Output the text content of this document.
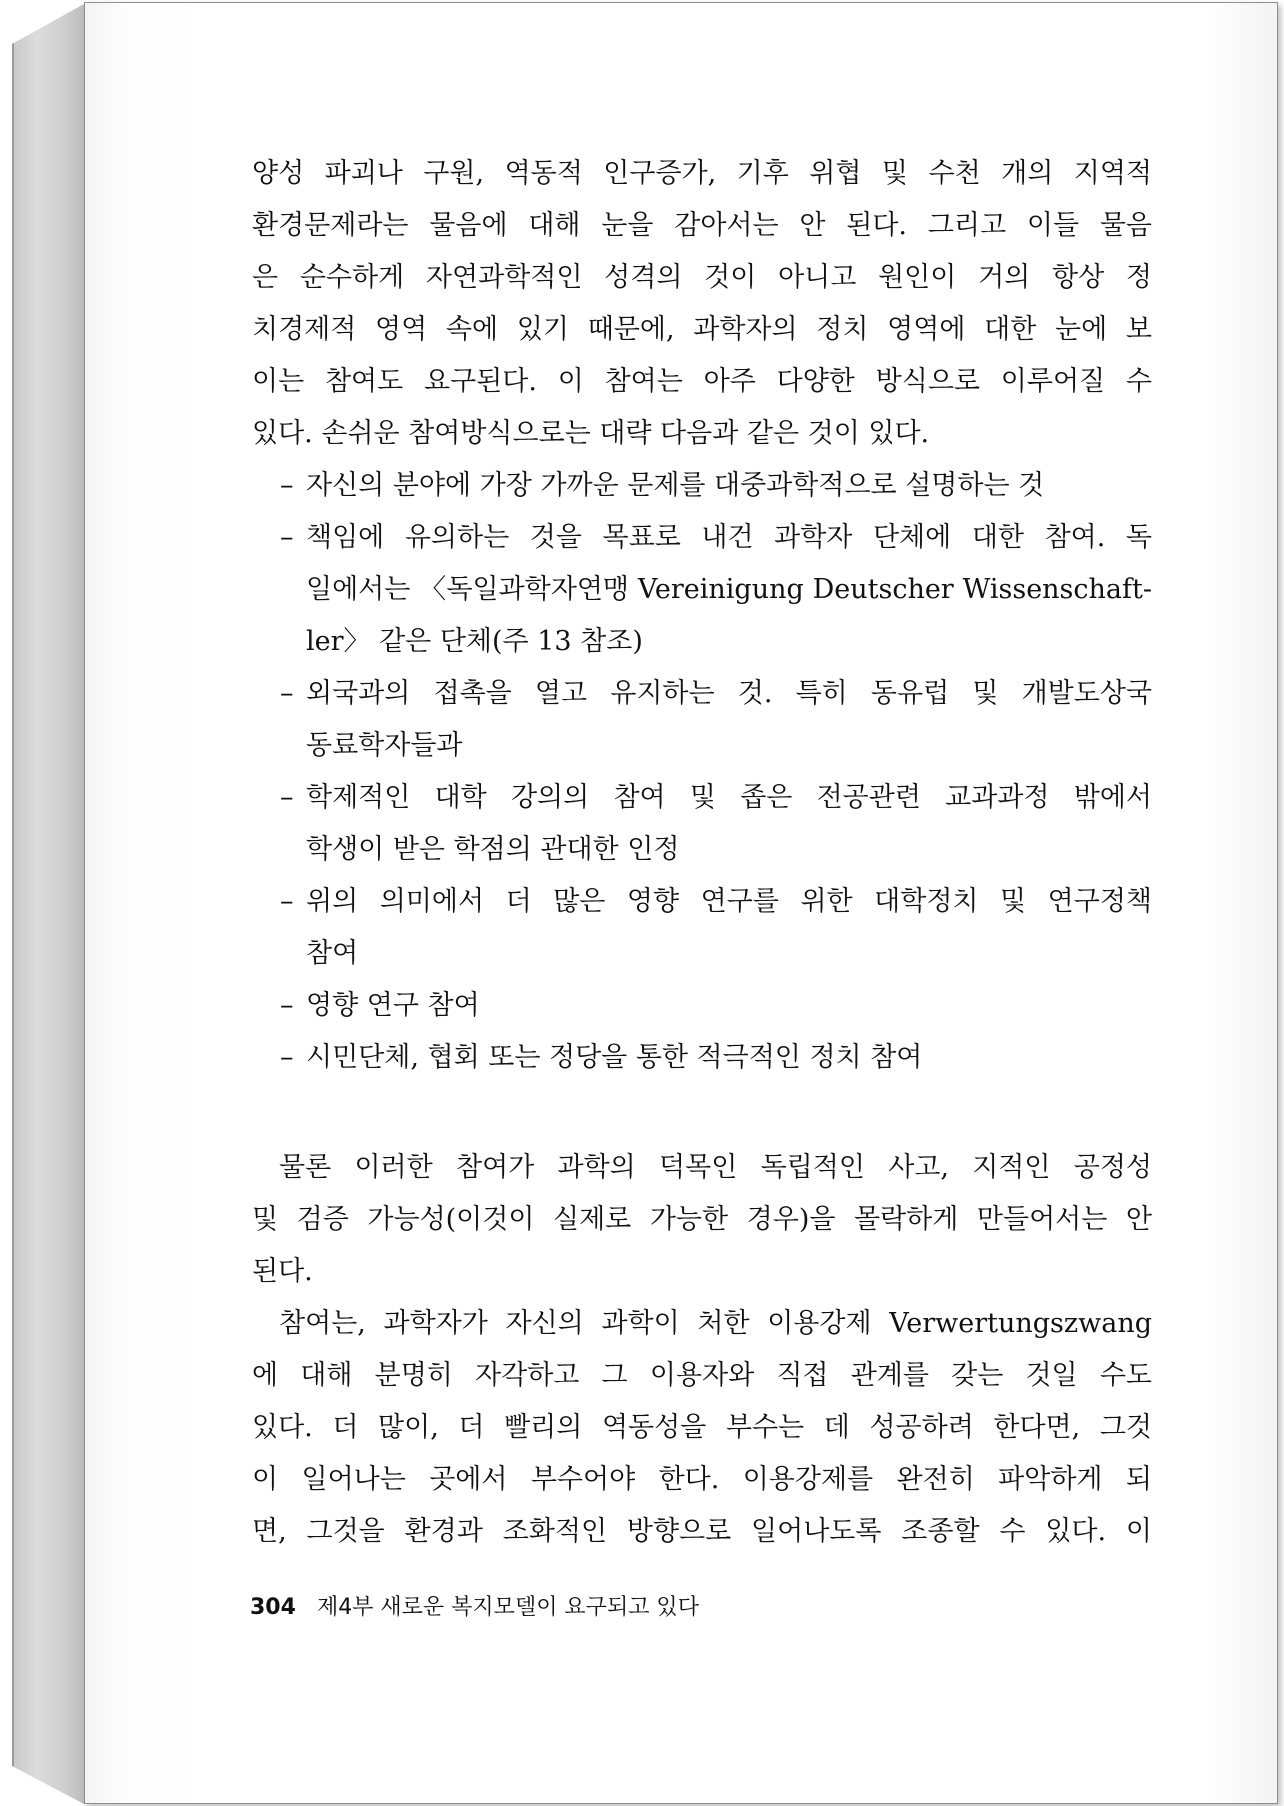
양성 파괴나 구원, 역동적 인구증가, 기후 위협 및 수천 개의 지역적
환경문제라는 물음에 대해 눈을 감아서는 안 된다. 그리고 이들 물음
은 순수하게 자연과학적인 성격의 것이 아니고 원인이 거의 항상 정
치경제적 영역 속에 있기 때문에, 과학자의 정치 영역에 대한 눈에 보
이는 참여도 요구된다. 이 참여는 아주 다양한 방식으로 이루어질 수
있다. 손쉬운 참여방식으로는 대략 다음과 같은 것이 있다.
– 자신의 분야에 가장 가까운 문제를 대중과학적으로 설명하는 것
– 책임에 유의하는 것을 목표로 내건 과학자 단체에 대한 참여. 독
일에서는 〈독일과학자연맹 Vereinigung Deutscher Wissenschaft-
ler〉 같은 단체(주 13 참조)
– 외국과의 접촉을 열고 유지하는 것. 특히 동유럽 및 개발도상국
동료학자들과
– 학제적인 대학 강의의 참여 및 좁은 전공관련 교과과정 밖에서
학생이 받은 학점의 관대한 인정
– 위의 의미에서 더 많은 영향 연구를 위한 대학정치 및 연구정책
참여
– 영향 연구 참여
– 시민단체, 협회 또는 정당을 통한 적극적인 정치 참여
물론 이러한 참여가 과학의 덕목인 독립적인 사고, 지적인 공정성
및 검증 가능성(이것이 실제로 가능한 경우)을 몰락하게 만들어서는 안
된다.
참여는, 과학자가 자신의 과학이 처한 이용강제 Verwertungszwang
에 대해 분명히 자각하고 그 이용자와 직접 관계를 갖는 것일 수도
있다. 더 많이, 더 빨리의 역동성을 부수는 데 성공하려 한다면, 그것
이 일어나는 곳에서 부수어야 한다. 이용강제를 완전히 파악하게 되
면, 그것을 환경과 조화적인 방향으로 일어나도록 조종할 수 있다. 이
304 제4부 새로운 복지모델이 요구되고 있다
